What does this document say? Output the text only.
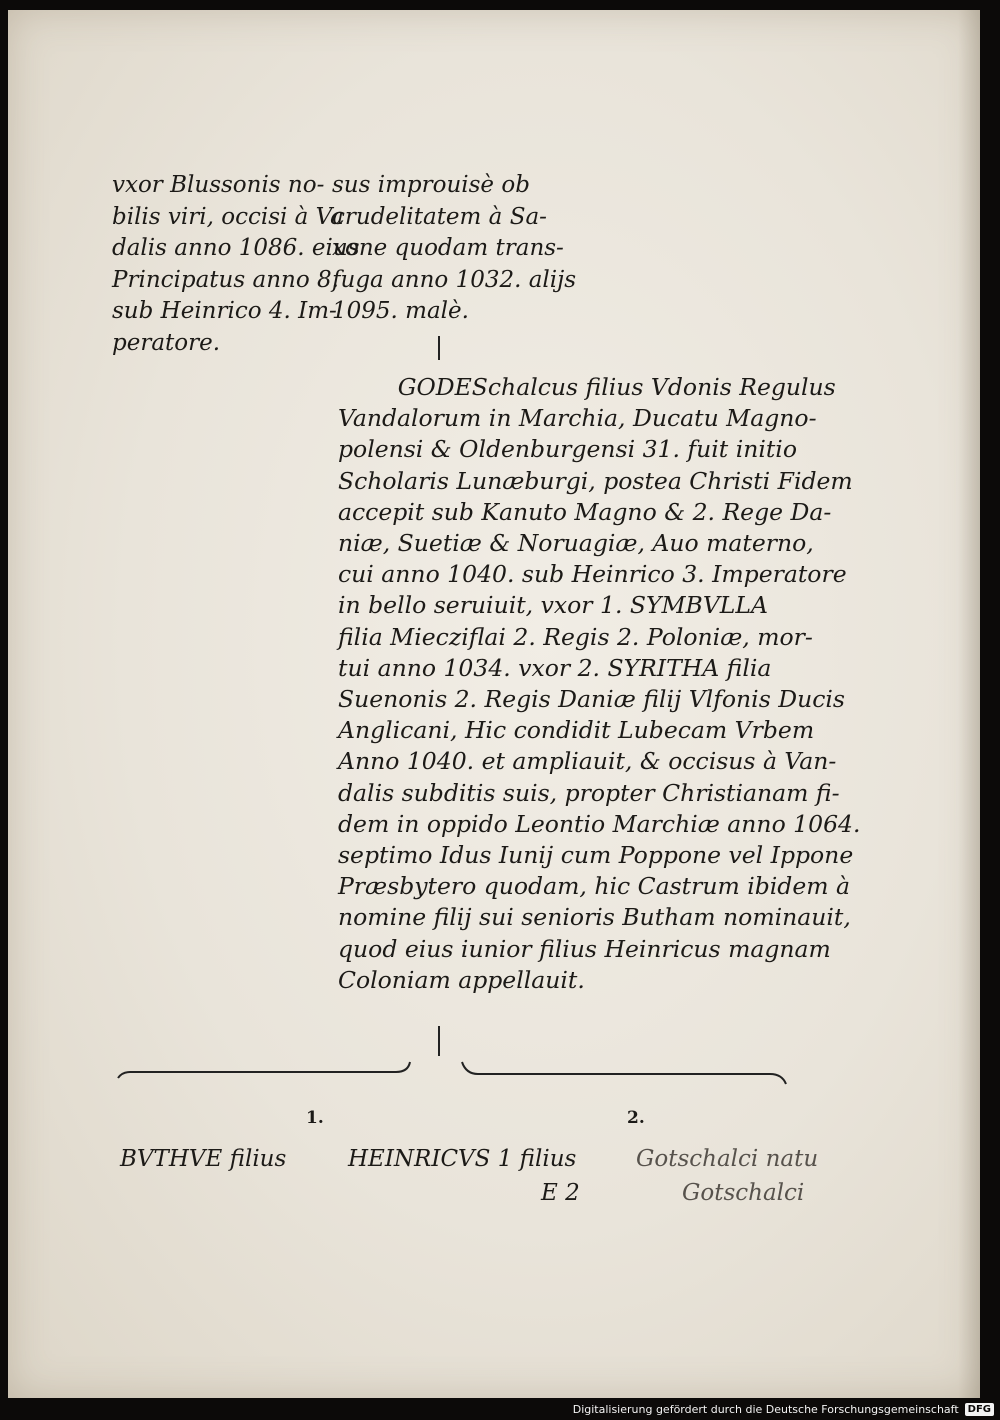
vxor Blussonis no-
bilis viri, occisi à Va
dalis anno 1086. eius
Principatus anno 8.
sub Heinrico 4. Im-
peratore.

sus improuisè ob
crudelitatem à Sa-
xone quodam trans-
fuga anno 1032. alijs
1095. malè.

GODESchalcus filius Vdonis Regulus
Vandalorum in Marchia, Ducatu Magno-
polensi & Oldenburgensi 31. fuit initio
Scholaris Lunæburgi, postea Christi Fidem
accepit sub Kanuto Magno & 2. Rege Da-
niæ, Suetiæ & Noruagiæ, Auo materno,
cui anno 1040. sub Heinrico 3. Imperatore
in bello seruiuit, vxor 1. SYMBVLLA
filia Miecziflai 2. Regis 2. Poloniæ, mor-
tui anno 1034. vxor 2. SYRITHA filia
Suenonis 2. Regis Daniæ filij Vlfonis Ducis
Anglicani, Hic condidit Lubecam Vrbem
Anno 1040. et ampliauit, & occisus à Van-
dalis subditis suis, propter Christianam fi-
dem in oppido Leontio Marchiæ anno 1064.
septimo Idus Iunij cum Poppone vel Ippone
Præsbytero quodam, hic Castrum ibidem à
nomine filij sui senioris Butham nominauit,
quod eius iunior filius Heinricus magnam
Coloniam appellauit.

1.	2.
BVTHVE filius	HEINRICVS 1 filius	Gotschalci natu
E 2	Gotschalci
Digitalisierung gefördert durch die Deutsche Forschungsgemeinschaft DFG
